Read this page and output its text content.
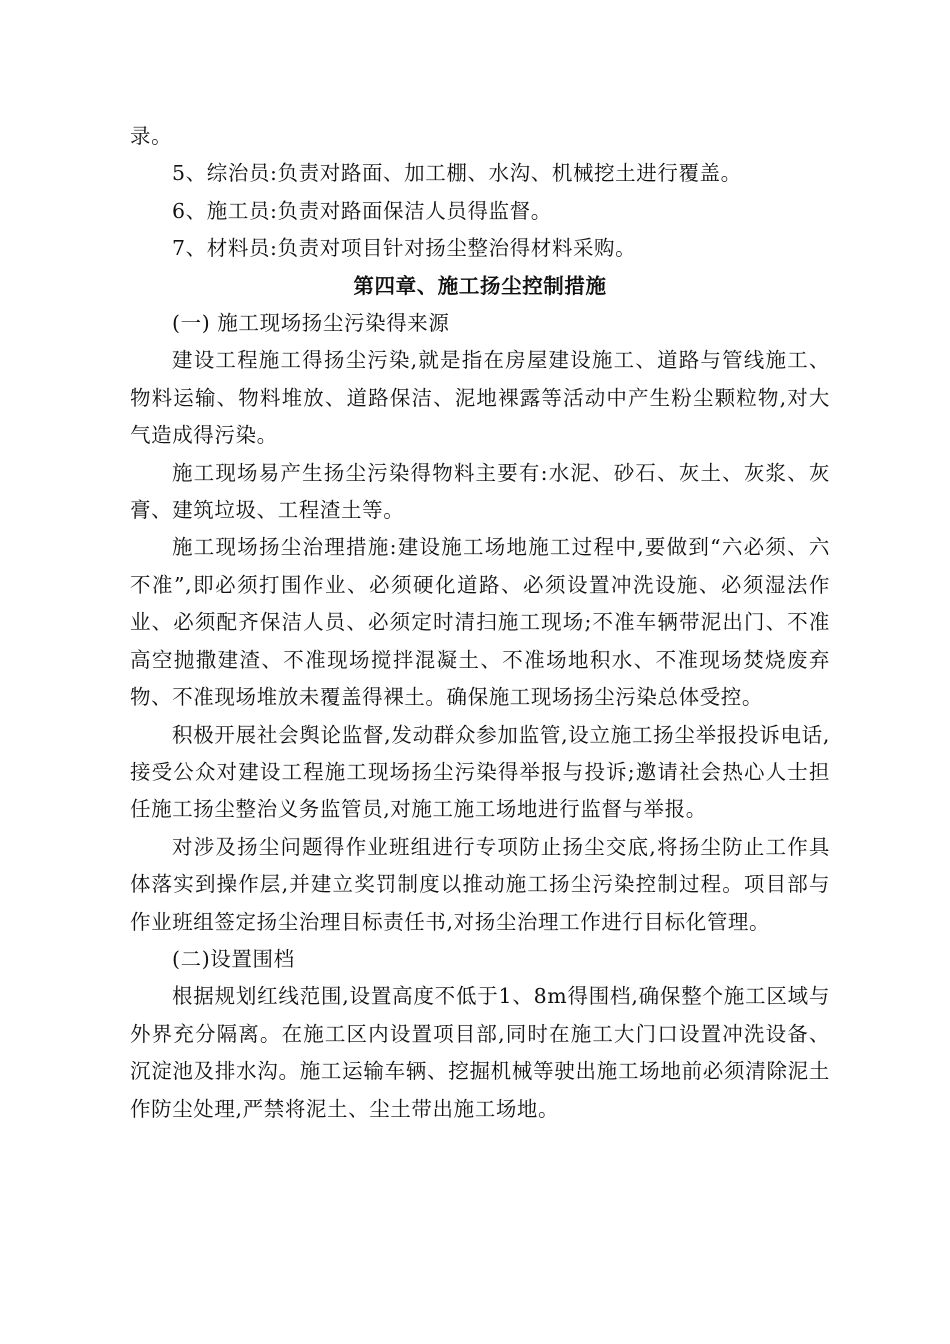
录。

5、综治员:负责对路面、加工棚、水沟、机械挖土进行覆盖。

6、施工员:负责对路面保洁人员得监督。

7、材料员:负责对项目针对扬尘整治得材料采购。

第四章、施工扬尘控制措施

(一) 施工现场扬尘污染得来源

建设工程施工得扬尘污染,就是指在房屋建设施工、道路与管线施工、物料运输、物料堆放、道路保洁、泥地裸露等活动中产生粉尘颗粒物,对大气造成得污染。

施工现场易产生扬尘污染得物料主要有:水泥、砂石、灰土、灰浆、灰膏、建筑垃圾、工程渣土等。

施工现场扬尘治理措施:建设施工场地施工过程中,要做到“六必须、六不准”,即必须打围作业、必须硬化道路、必须设置冲洗设施、必须湿法作业、必须配齐保洁人员、必须定时清扫施工现场;不准车辆带泥出门、不准高空抛撒建渣、不准现场搅拌混凝土、不准场地积水、不准现场焚烧废弃物、不准现场堆放未覆盖得裸土。确保施工现场扬尘污染总体受控。

积极开展社会舆论监督,发动群众参加监管,设立施工扬尘举报投诉电话,接受公众对建设工程施工现场扬尘污染得举报与投诉;邀请社会热心人士担任施工扬尘整治义务监管员,对施工施工场地进行监督与举报。

对涉及扬尘问题得作业班组进行专项防止扬尘交底,将扬尘防止工作具体落实到操作层,并建立奖罚制度以推动施工扬尘污染控制过程。项目部与作业班组签定扬尘治理目标责任书,对扬尘治理工作进行目标化管理。

(二)设置围档

根据规划红线范围,设置高度不低于1、8m得围档,确保整个施工区域与外界充分隔离。在施工区内设置项目部,同时在施工大门口设置冲洗设备、沉淀池及排水沟。施工运输车辆、挖掘机械等驶出施工场地前必须清除泥土作防尘处理,严禁将泥土、尘土带出施工场地。
